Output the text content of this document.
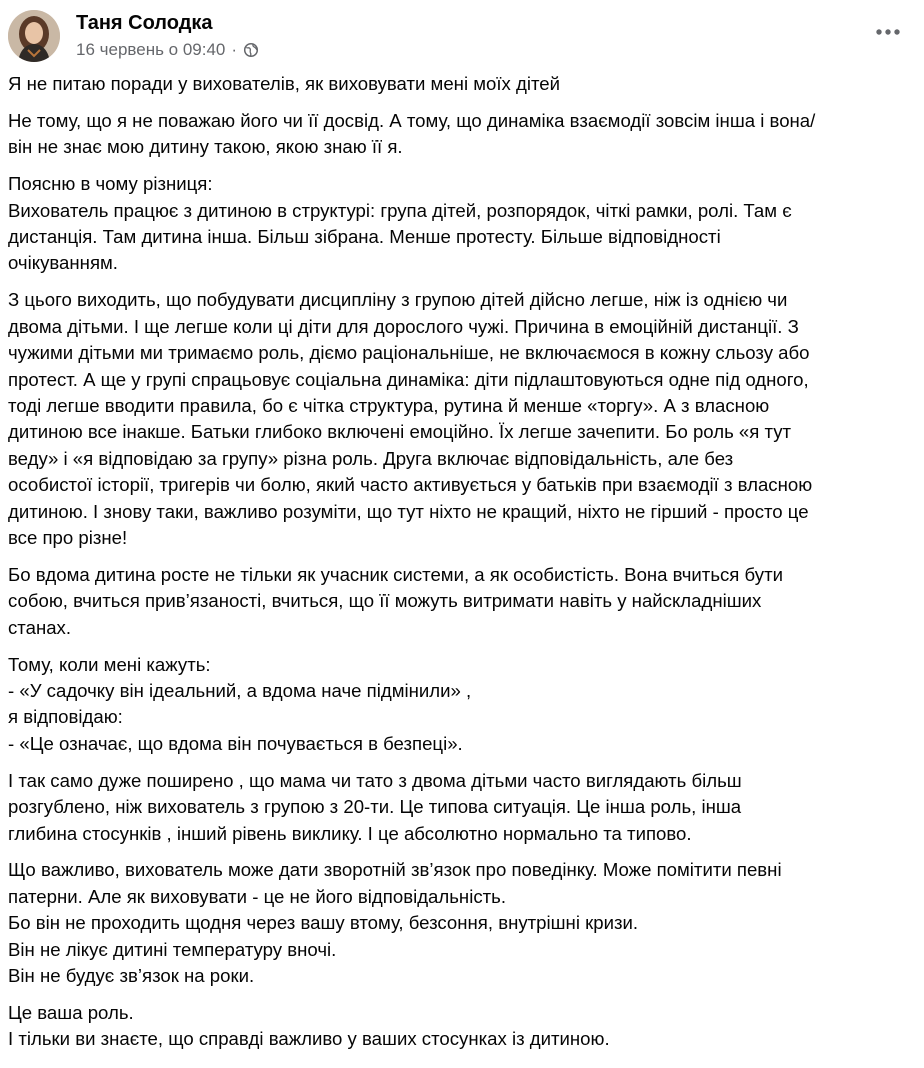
Таня Солодка
16 червень о 09:40 ·
Я не питаю поради у вихователів, як виховувати мені моїх дітей
Не тому, що я не поважаю його чи її досвід. А тому, що динаміка взаємодії зовсім інша і вона/
він не знає мою дитину такою, якою знаю її я.
Поясню в чому різниця:
Вихователь працює з дитиною в структурі: група дітей, розпорядок, чіткі рамки, ролі. Там є
дистанція. Там дитина інша. Більш зібрана. Менше протесту. Більше відповідності
очікуванням.
З цього виходить, що побудувати дисципліну з групою дітей дійсно легше, ніж із однією чи
двома дітьми. І ще легше коли ці діти для дорослого чужі. Причина в емоційній дистанції. З
чужими дітьми ми тримаємо роль, діємо раціональніше, не включаємося в кожну сльозу або
протест. А ще у групі спрацьовує соціальна динаміка: діти підлаштовуються одне під одного,
тоді легше вводити правила, бо є чітка структура, рутина й менше «торгу». А з власною
дитиною все інакше. Батьки глибоко включені емоційно. Їх легше зачепити. Бо роль «я тут
веду» і «я відповідаю за групу» різна роль. Друга включає відповідальність, але без
особистої історії, тригерів чи болю, який часто активується у батьків при взаємодії з власною
дитиною. І знову таки, важливо розуміти, що тут ніхто не кращий, ніхто не гірший - просто це
все про різне!
Бо вдома дитина росте не тільки як учасник системи, а як особистість. Вона вчиться бути
собою, вчиться прив’язаності, вчиться, що її можуть витримати навіть у найскладніших
станах.
Тому, коли мені кажуть:
- «У садочку він ідеальний, а вдома наче підмінили» ,
я відповідаю:
- «Це означає, що вдома він почувається в безпеці».
І так само дуже поширено , що мама чи тато з двома дітьми часто виглядають більш
розгублено, ніж вихователь з групою з 20-ти. Це типова ситуація. Це інша роль, інша
глибина стосунків , інший рівень виклику. І це абсолютно нормально та типово.
Що важливо, вихователь може дати зворотній зв’язок про поведінку. Може помітити певні
патерни. Але як виховувати - це не його відповідальність.
Бо він не проходить щодня через вашу втому, безсоння, внутрішні кризи.
Він не лікує дитині температуру вночі.
Він не будує зв’язок на роки.
Це ваша роль.
І тільки ви знаєте, що справді важливо у ваших стосунках із дитиною.
